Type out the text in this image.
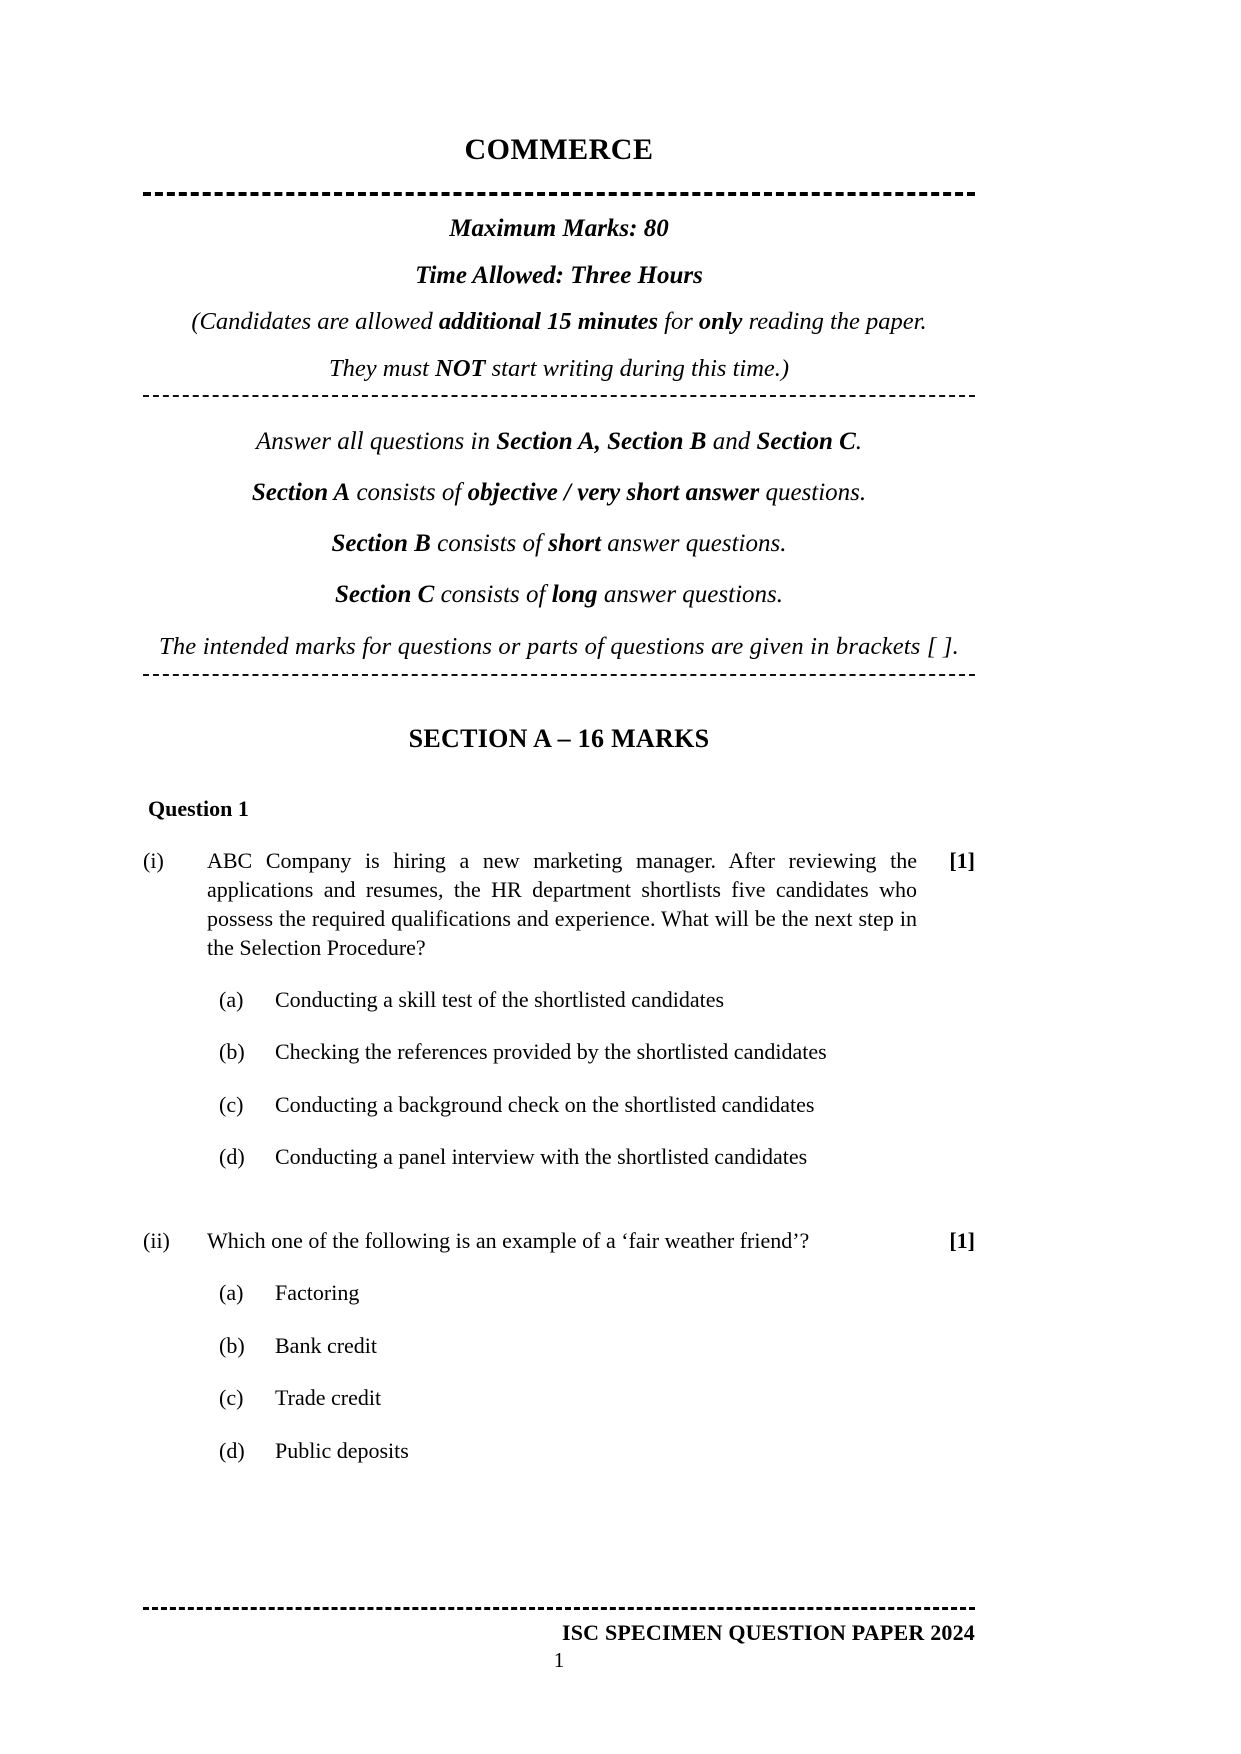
COMMERCE
Maximum Marks: 80
Time Allowed: Three Hours
(Candidates are allowed additional 15 minutes for only reading the paper.
They must NOT start writing during this time.)
Answer all questions in Section A, Section B and Section C.
Section A consists of objective / very short answer questions.
Section B consists of short answer questions.
Section C consists of long answer questions.
The intended marks for questions or parts of questions are given in brackets [ ].
SECTION A – 16 MARKS
Question 1
(i)	ABC Company is hiring a new marketing manager. After reviewing the applications and resumes, the HR department shortlists five candidates who possess the required qualifications and experience. What will be the next step in the Selection Procedure?
[1]
(a)	Conducting a skill test of the shortlisted candidates
(b)	Checking the references provided by the shortlisted candidates
(c)	Conducting a background check on the shortlisted candidates
(d)	Conducting a panel interview with the shortlisted candidates
(ii)	Which one of the following is an example of a ‘fair weather friend’?	[1]
(a)	Factoring
(b)	Bank credit
(c)	Trade credit
(d)	Public deposits
ISC SPECIMEN QUESTION PAPER 2024
1
